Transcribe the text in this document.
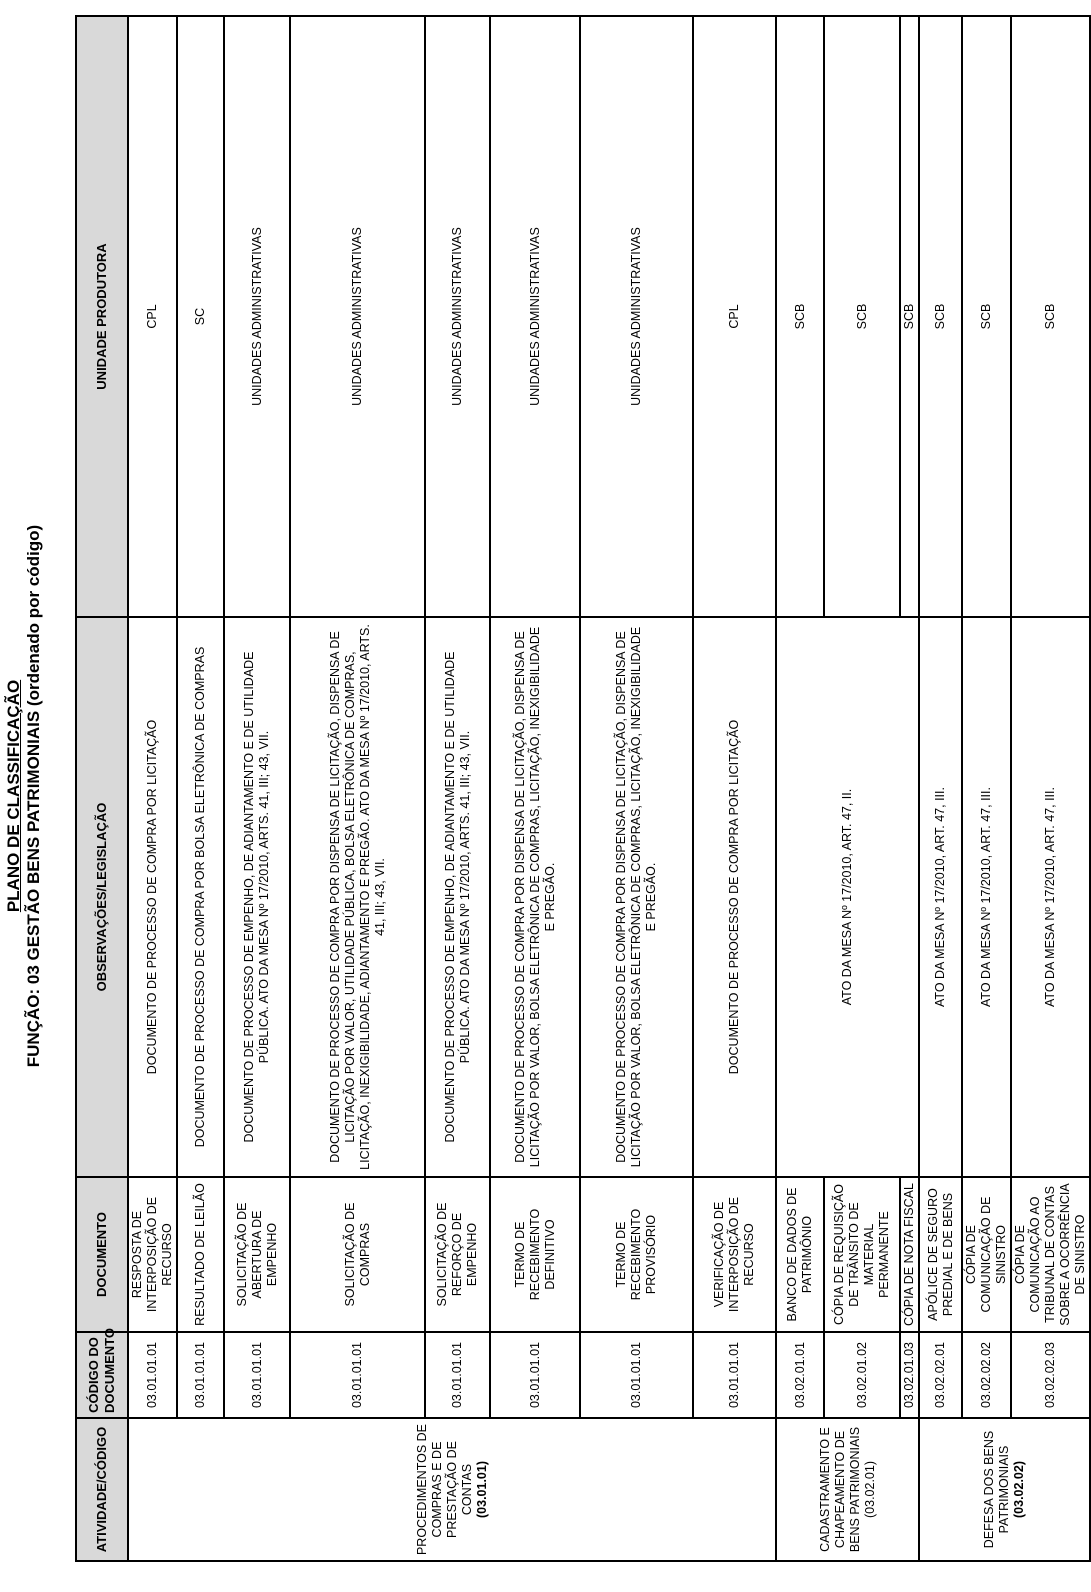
PLANO DE CLASSIFICAÇÃO FUNÇÃO: 03 GESTÃO BENS PATRIMONIAIS (ordenado por código)
ATIVIDADE/CÓDIGO	CÓDIGO DO DOCUMENTO	DOCUMENTO	OBSERVAÇÕES/LEGISLAÇÃO	UNIDADE PRODUTORA
PROCEDIMENTOS DE COMPRAS E DE PRESTAÇÃO DE CONTAS
(03.01.01)	03.01.01.01	RESPOSTA DE INTERPOSIÇÃO DE RECURSO	DOCUMENTO DE PROCESSO DE COMPRA POR LICITAÇÃO	CPL
	03.01.01.01	RESULTADO DE LEILÃO	DOCUMENTO DE PROCESSO DE COMPRA POR BOLSA ELETRÔNICA DE COMPRAS	SC
	03.01.01.01	SOLICITAÇÃO DE ABERTURA DE EMPENHO	DOCUMENTO DE PROCESSO DE EMPENHO, DE ADIANTAMENTO E DE UTILIDADE PÚBLICA. ATO DA MESA Nº 17/2010, ARTS. 41, III; 43, VII.	UNIDADES ADMINISTRATIVAS
	03.01.01.01	SOLICITAÇÃO DE COMPRAS	DOCUMENTO DE PROCESSO DE COMPRA POR DISPENSA DE LICITAÇÃO, DISPENSA DE LICITAÇÃO POR VALOR, UTILIDADE PÚBLICA, BOLSA ELETRÔNICA DE COMPRAS, LICITAÇÃO, INEXIGIBILIDADE, ADIANTAMENTO E PREGÃO. ATO DA MESA Nº 17/2010, ARTS. 41, III; 43, VII.	UNIDADES ADMINISTRATIVAS
	03.01.01.01	SOLICITAÇÃO DE REFORÇO DE EMPENHO	DOCUMENTO DE PROCESSO DE EMPENHO, DE ADIANTAMENTO E DE UTILIDADE PÚBLICA. ATO DA MESA Nº 17/2010, ARTS. 41, III; 43, VII.	UNIDADES ADMINISTRATIVAS
	03.01.01.01	TERMO DE RECEBIMENTO DEFINITIVO	DOCUMENTO DE PROCESSO DE COMPRA POR DISPENSA DE LICITAÇÃO, DISPENSA DE LICITAÇÃO POR VALOR, BOLSA ELETRÔNICA DE COMPRAS, LICITAÇÃO, INEXIGIBILIDADE E PREGÃO.	UNIDADES ADMINISTRATIVAS
	03.01.01.01	TERMO DE RECEBIMENTO PROVISÓRIO	DOCUMENTO DE PROCESSO DE COMPRA POR DISPENSA DE LICITAÇÃO, DISPENSA DE LICITAÇÃO POR VALOR, BOLSA ELETRÔNICA DE COMPRAS, LICITAÇÃO, INEXIGIBILIDADE E PREGÃO.	UNIDADES ADMINISTRATIVAS
	03.01.01.01	VERIFICAÇÃO DE INTERPOSIÇÃO DE RECURSO	DOCUMENTO DE PROCESSO DE COMPRA POR LICITAÇÃO	CPL
CADASTRAMENTO E CHAPEAMENTO DE BENS PATRIMONIAIS (03.02.01)	03.02.01.01	BANCO DE DADOS DE PATRIMÔNIO	ATO DA MESA Nº 17/2010, ART. 47, II.	SCB
	03.02.01.02	CÓPIA DE REQUISIÇÃO DE TRÂNSITO DE MATERIAL PERMANENTE		SCB
	03.02.01.03	CÓPIA DE NOTA FISCAL		SCB
DEFESA DOS BENS PATRIMONIAIS (03.02.02)	03.02.02.01	APÓLICE DE SEGURO PREDIAL E DE BENS	ATO DA MESA Nº 17/2010, ART. 47, III.	SCB
	03.02.02.02	CÓPIA DE COMUNICAÇÃO DE SINISTRO	ATO DA MESA Nº 17/2010, ART. 47, III.	SCB
	03.02.02.03	CÓPIA DE COMUNICAÇÃO AO TRIBUNAL DE CONTAS SOBRE A OCORRÊNCIA DE SINISTRO	ATO DA MESA Nº 17/2010, ART. 47, III.	SCB
